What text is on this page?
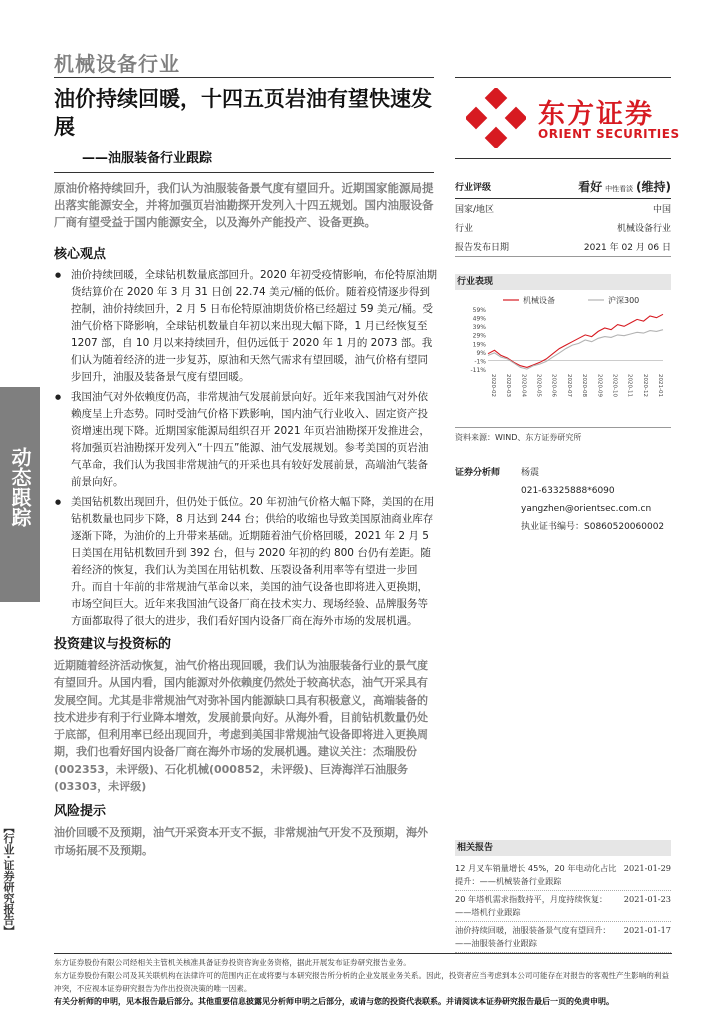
机械设备行业
油价持续回暖，十四五页岩油有望快速发展
——油服装备行业跟踪
东方证券
ORIENT SECURITIES
原油价格持续回升，我们认为油服装备景气度有望回升。近期国家能源局提出落实能源安全，并将加强页岩油勘探开发列入十四五规划。国内油服设备厂商有望受益于国内能源安全，以及海外产能投产、设备更换。
核心观点
● 油价持续回暖，全球钻机数量底部回升。2020 年初受疫情影响，布伦特原油期货结算价在 2020 年 3 月 31 日创 22.74 美元/桶的低价。随着疫情逐步得到控制，油价持续回升，2 月 5 日布伦特原油期货价格已经超过 59 美元/桶。受油气价格下降影响，全球钻机数量自年初以来出现大幅下降，1 月已经恢复至 1207 部，自 10 月以来持续回升，但仍远低于 2020 年 1 月的 2073 部。我们认为随着经济的进一步复苏，原油和天然气需求有望回暖，油气价格有望同步回升，油服及装备景气度有望回暖。
● 我国油气对外依赖度仍高，非常规油气发展前景向好。近年来我国油气对外依赖度呈上升态势。同时受油气价格下跌影响，国内油气行业收入、固定资产投资增速出现下降。近期国家能源局组织召开 2021 年页岩油勘探开发推进会，将加强页岩油勘探开发列入“十四五”能源、油气发展规划。参考美国的页岩油气革命，我们认为我国非常规油气的开采也具有较好发展前景，高端油气装备前景向好。
● 美国钻机数出现回升，但仍处于低位。20 年初油气价格大幅下降，美国的在用钻机数量也同步下降，8 月达到 244 台；供给的收缩也导致美国原油商业库存逐渐下降，为油价的上升带来基础。近期随着油气价格回暖，2021 年 2 月 5 日美国在用钻机数回升到 392 台，但与 2020 年初的约 800 台仍有差距。随着经济的恢复，我们认为美国在用钻机数、压裂设备利用率等有望进一步回升。而自十年前的非常规油气革命以来，美国的油气设备也即将进入更换期，市场空间巨大。近年来我国油气设备厂商在技术实力、现场经验、品牌服务等方面都取得了很大的进步，我们看好国内设备厂商在海外市场的发展机遇。
投资建议与投资标的
近期随着经济活动恢复，油气价格出现回暖，我们认为油服装备行业的景气度有望回升。从国内看，国内能源对外依赖度仍然处于较高状态，油气开采具有发展空间。尤其是非常规油气对弥补国内能源缺口具有积极意义，高端装备的技术进步有利于行业降本增效，发展前景向好。从海外看，目前钻机数量仍处于底部，但利用率已经出现回升，考虑到美国非常规油气设备即将进入更换周期，我们也看好国内设备厂商在海外市场的发展机遇。建议关注：杰瑞股份(002353，未评级)、石化机械(000852，未评级)、巨涛海洋石油服务(03303，未评级)
风险提示
油价回暖不及预期，油气开采资本开支不振，非常规油气开发不及预期，海外市场拓展不及预期。
动态跟踪
【行业·证券研究报告】
行业评级	看好 中性看淡 (维持)
国家/地区	中国
行业	机械设备行业
报告发布日期	2021 年 02 月 06 日
行业表现
机械设备	沪深300
59%
49%
39%
29%
19%
9%
-1%
-11%
2020-02 2020-03 2020-04 2020-05 2020-06 2020-07 2020-08 2020-09 2020-10 2020-11 2020-12 2021-01
资料来源：WIND、东方证券研究所
证券分析师	杨震
021-63325888*6090
yangzhen@orientsec.com.cn
执业证书编号：S0860520060002
相关报告
12 月叉车销量增长 45%，20 年电动化占比提升：——机械装备行业跟踪
2021-01-29
20 年塔机需求指数持平，月度持续恢复：——塔机行业跟踪
2021-01-23
油价持续回暖，油服装备景气度有望回升：——油服装备行业跟踪
2021-01-17
东方证券股份有限公司经相关主管机关核准具备证券投资咨询业务资格，据此开展发布证券研究报告业务。
东方证券股份有限公司及其关联机构在法律许可的范围内正在或将要与本研究报告所分析的企业发展业务关系。因此，投资者应当考虑到本公司可能存在对报告的客观性产生影响的利益冲突，不应视本证券研究报告为作出投资决策的唯一因素。
有关分析师的申明，见本报告最后部分。其他重要信息披露见分析师申明之后部分，或请与您的投资代表联系。并请阅读本证券研究报告最后一页的免责申明。
